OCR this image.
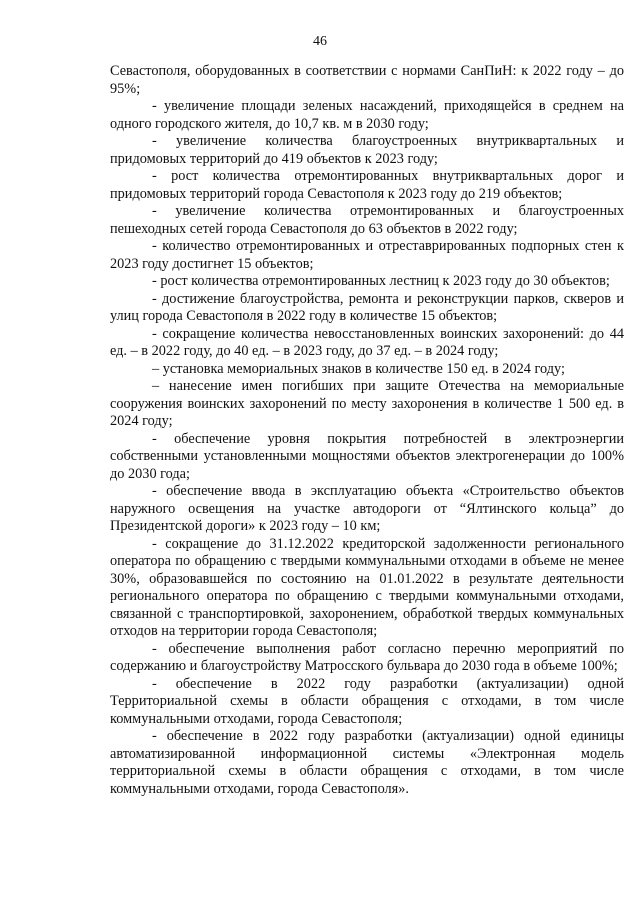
46

Севастополя, оборудованных в соответствии с нормами СанПиН: к 2022 году – до 95%;

- увеличение площади зеленых насаждений, приходящейся в среднем на одного городского жителя, до 10,7 кв. м в 2030 году;

- увеличение количества благоустроенных внутриквартальных и придомовых территорий до 419 объектов к 2023 году;

- рост количества отремонтированных внутриквартальных дорог и придомовых территорий города Севастополя к 2023 году до 219 объектов;

- увеличение количества отремонтированных и благоустроенных пешеходных сетей города Севастополя до 63 объектов в 2022 году;

- количество отремонтированных и отреставрированных подпорных стен к 2023 году достигнет 15 объектов;

- рост количества отремонтированных лестниц к 2023 году до 30 объектов;

- достижение благоустройства, ремонта и реконструкции парков, скверов и улиц города Севастополя в 2022 году в количестве 15 объектов;

- сокращение количества невосстановленных воинских захоронений: до 44 ед. – в 2022 году, до 40 ед. – в 2023 году, до 37 ед. – в 2024 году;

– установка мемориальных знаков в количестве 150 ед. в 2024 году;

– нанесение имен погибших при защите Отечества на мемориальные сооружения воинских захоронений по месту захоронения в количестве 1 500 ед. в 2024 году;

- обеспечение уровня покрытия потребностей в электроэнергии собственными установленными мощностями объектов электрогенерации до 100% до 2030 года;

- обеспечение ввода в эксплуатацию объекта «Строительство объектов наружного освещения на участке автодороги от “Ялтинского кольца” до Президентской дороги» к 2023 году – 10 км;

- сокращение до 31.12.2022 кредиторской задолженности регионального оператора по обращению с твердыми коммунальными отходами в объеме не менее 30%, образовавшейся по состоянию на 01.01.2022 в результате деятельности регионального оператора по обращению с твердыми коммунальными отходами, связанной с транспортировкой, захоронением, обработкой твердых коммунальных отходов на территории города Севастополя;

- обеспечение выполнения работ согласно перечню мероприятий по содержанию и благоустройству Матросского бульвара до 2030 года в объеме 100%;

- обеспечение в 2022 году разработки (актуализации) одной Территориальной схемы в области обращения с отходами, в том числе коммунальными отходами, города Севастополя;

- обеспечение в 2022 году разработки (актуализации) одной единицы автоматизированной информационной системы «Электронная модель территориальной схемы в области обращения с отходами, в том числе коммунальными отходами, города Севастополя».
